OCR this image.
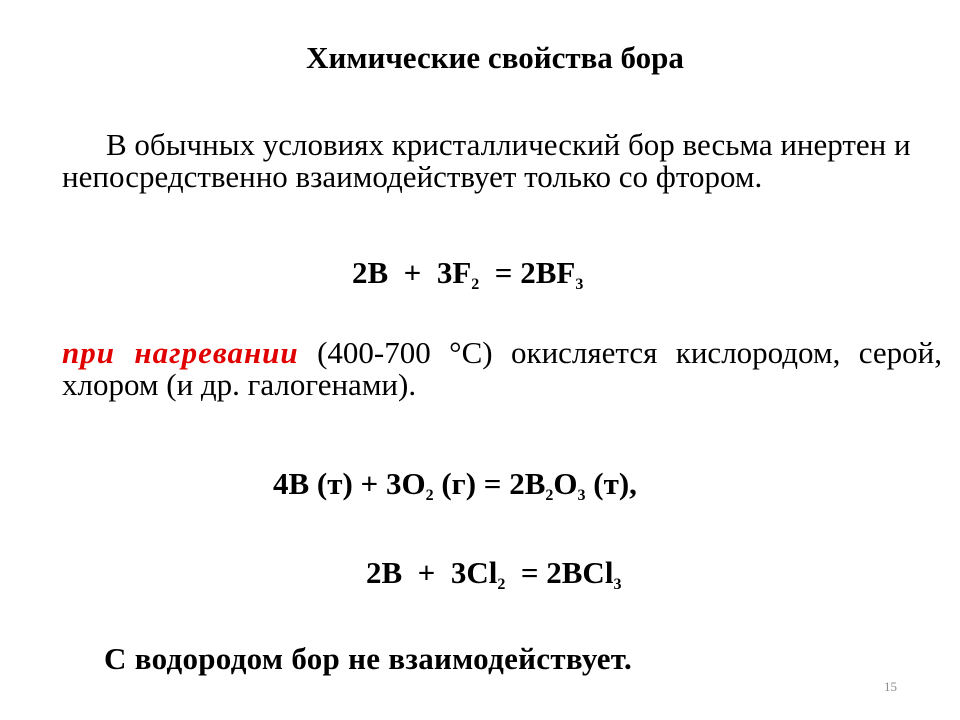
Химические свойства бора
В обычных условиях кристаллический бор весьма инертен и непосредственно взаимодействует только со фтором.
$2B + 3F_2 = 2BF_3$
при нагревании (400-700 °C) окисляется кислородом, серой, хлором (и др. галогенами).
4B $(т) + 3O_2$ $(г) = 2B_2O_3$ (т),
$2B + 3Cl_2 = 2BCl_3$
С водородом бор не взаимодействует.
15
